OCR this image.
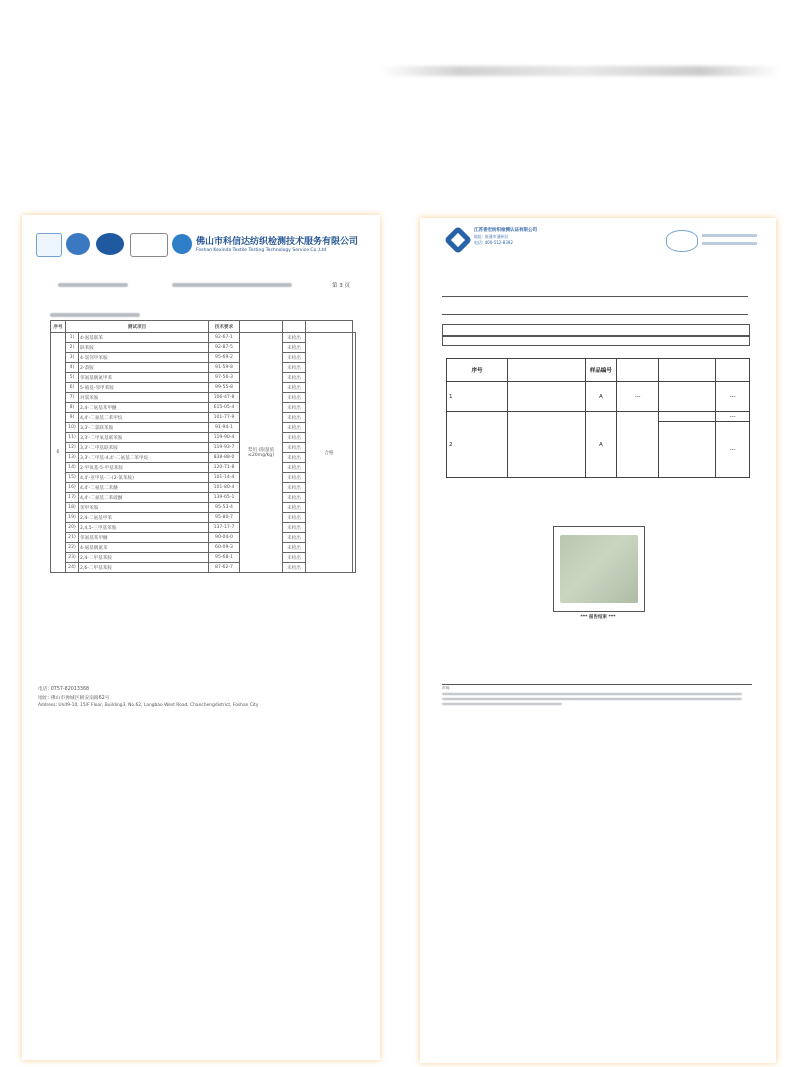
佛山市科信达纺织检测技术服务有限公司
Foshan Kexinda Textile Testing Technology Service Co.,Ltd
第 3 页
序号	测试项目		技术要求				
6	1)	4-氨基联苯	92-67-1	禁用 (限量值≤20mg/kg)	未检出	合格	
	2)	联苯胺	92-87-5		未检出		
	3)	4-氯邻甲苯胺	95-69-2		未检出		
	4)	2-萘胺	91-59-8		未检出		
	5)	邻氨基偶氮甲苯	97-56-3		未检出		
	6)	5-硝基-邻甲苯胺	99-55-8		未检出		
	7)	对氯苯胺	106-47-8		未检出		
	8)	2,4-二氨基苯甲醚	615-05-4		未检出		
	9)	4,4'-二氨基二苯甲烷	101-77-9		未检出		
	10)	3,3'-二氯联苯胺	91-94-1		未检出		
	11)	3,3'-二甲氧基联苯胺	119-90-4		未检出		
	12)	3,3'-二甲基联苯胺	119-93-7		未检出		
	13)	3,3'-二甲基-4,4'-二氨基二苯甲烷	838-88-0		未检出		
	14)	2-甲氧基-5-甲基苯胺	120-71-8		未检出		
	15)	4,4'-亚甲基-二-(2-氯苯胺)	101-14-4		未检出		
	16)	4,4'-二氨基二苯醚	101-80-4		未检出		
	17)	4,4'-二氨基二苯硫醚	139-65-1		未检出		
	18)	邻甲苯胺	95-53-4		未检出		
	19)	2,4-二氨基甲苯	95-80-7		未检出		
	20)	2,4,5-三甲基苯胺	137-17-7		未检出		
	21)	邻氨基苯甲醚	90-04-0		未检出		
	22)	4-氨基偶氮苯	60-09-3		未检出		
	23)	2,4-二甲基苯胺	95-68-1		未检出		
	24)	2,6-二甲基苯胺	87-62-7		未检出		
电话: 0757-82013368
地址: 佛山市禅城区朝安南路62号
Address: Unit9-10, 15/F Floor, Building3, No.62, Langbao West Road, Chanchengdistrict, Foshan City
江苏香宏纺织检测认证有限公司
地址: 南通市通州区
电话: 400-512-8392
序号		样品编号			
1		A	---		---
2		A			---
					---
*** 报告结束 ***
声明:
